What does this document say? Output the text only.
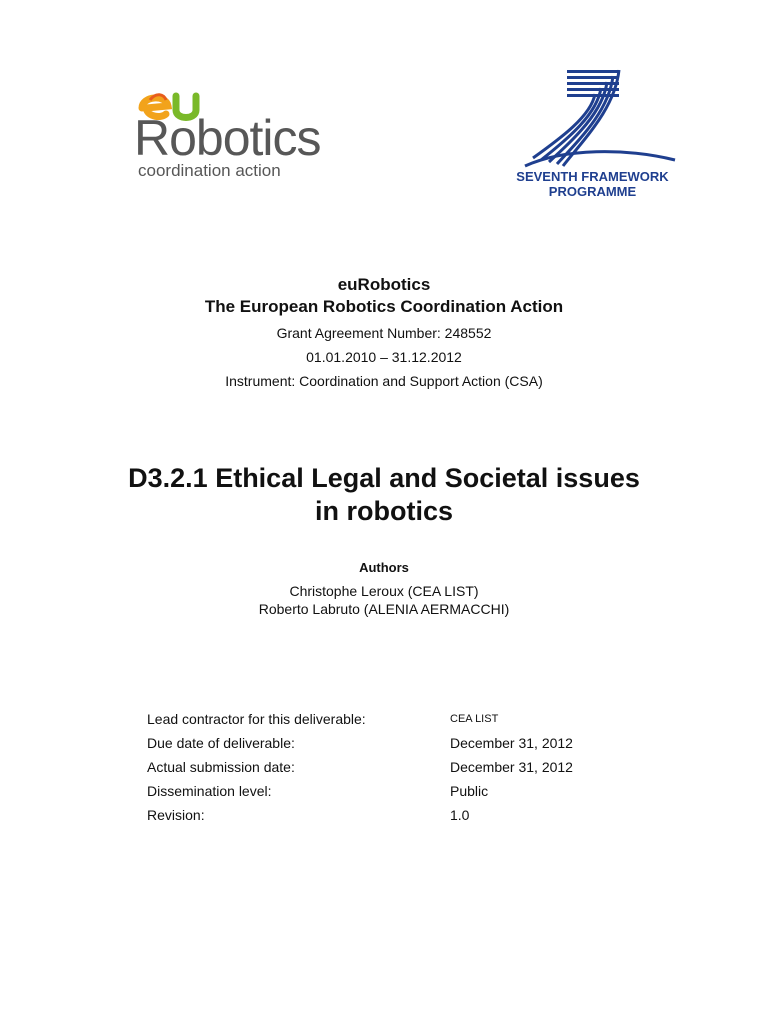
Robotics
coordination action	SEVENTH FRAMEWORK
PROGRAMME
euRobotics
The European Robotics Coordination Action
Grant Agreement Number: 248552
01.01.2010 – 31.12.2012
Instrument: Coordination and Support Action (CSA)
D3.2.1 Ethical Legal and Societal issues in robotics
Authors
Christophe Leroux (CEA LIST)
Roberto Labruto (ALENIA AERMACCHI)
Lead contractor for this deliverable:	CEA LIST
Due date of deliverable:	December 31, 2012
Actual submission date:	December 31, 2012
Dissemination level:	Public
Revision:	1.0
